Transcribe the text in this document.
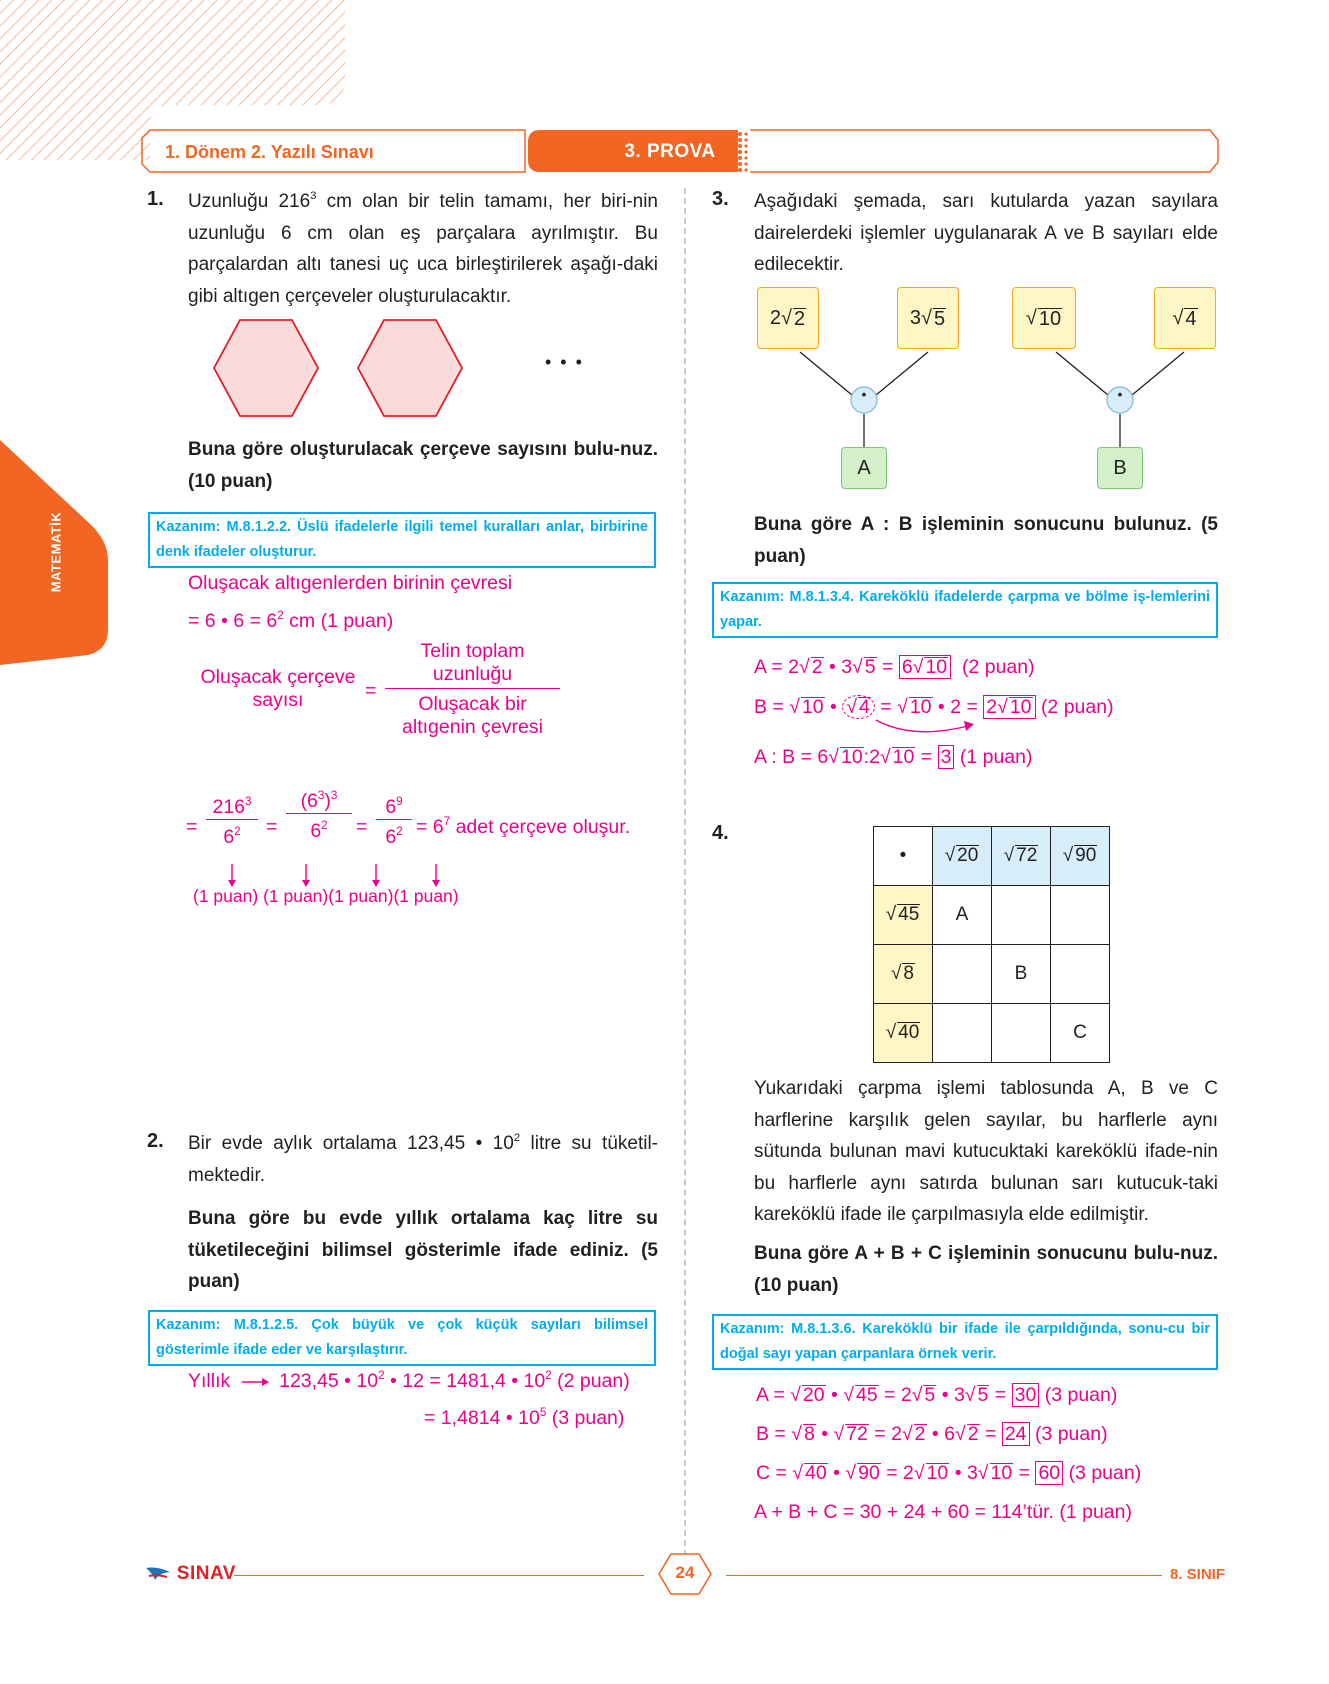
MATEMATİK
1. Dönem 2. Yazılı Sınavı	3. PROVA
1. Uzunluğu $216^3$ cm olan bir telin tamamı, her biri-nin uzunluğu 6 cm olan eş parçalara ayrılmıştır. Bu parçalardan altı tanesi uç uca birleştirilerek aşağı-daki gibi altıgen çerçeveler oluşturulacaktır.
• • •
Buna göre oluşturulacak çerçeve sayısını bulu-nuz. (10 puan)
Kazanım: M.8.1.2.2. Üslü ifadelerle ilgili temel kuralları anlar, birbirine denk ifadeler oluşturur.
Oluşacak altıgenlerden birinin çevresi
= 6 • $6 = 6^2$ cm (1 puan)
Oluşacak çerçeve
sayısı	=
Telin toplam
uzunluğu
Oluşacak bir
altıgenin çevresi
=
$216^3$
$6^2$	=
$(6^3)^3$
$6^2$	=
$6^9$
$6^2 = 6^7$ adet çerçeve oluşur.
(1 puan) (1 puan)(1 puan)(1 puan)
2. Bir evde aylık ortalama 123,45 • $10^2$ litre su tüketil-mektedir.
Buna göre bu evde yıllık ortalama kaç litre su tüketileceğini bilimsel gösterimle ifade ediniz. (5 puan)
Kazanım: M.8.1.2.5. Çok büyük ve çok küçük sayıları bilimsel gösterimle ifade eder ve karşılaştırır.
Yıllık	123,45 • $10^2$ • 12 = 1481,4 • $10^2$ (2 puan)
= 1,4814 • $10^5$ (3 puan)
3. Aşağıdaki şemada, sarı kutularda yazan sayılara dairelerdeki işlemler uygulanarak A ve B sayıları elde edilecektir.
•	•
2 √ 2	3 √ 5	√ 10	√ 4
A	B
Buna göre A : B işleminin sonucunu bulunuz. (5 puan)
Kazanım: M.8.1.3.4. Kareköklü ifadelerde çarpma ve bölme iş-lemlerini yapar.
A = 2√ 2 • 3√ 5 = 6√ 10 (2 puan)
B = √ 10 • √ 4 = √ 10 • 2 = 2√ 10 (2 puan)
A : B = 6√ 10:2√ 10 = 3 (1 puan)
4.
•	√ 20	√ 72	√ 90
√ 45	A		
√ 8		B	
√ 40			C
Yukarıdaki çarpma işlemi tablosunda A, B ve C harflerine karşılık gelen sayılar, bu harflerle aynı sütunda bulunan mavi kutucuktaki kareköklü ifade-nin bu harflerle aynı satırda bulunan sarı kutucuk-taki kareköklü ifade ile çarpılmasıyla elde edilmiştir.
Buna göre A + B + C işleminin sonucunu bulu-nuz. (10 puan)
Kazanım: M.8.1.3.6. Kareköklü bir ifade ile çarpıldığında, sonu-cu bir doğal sayı yapan çarpanlara örnek verir.
A = √ 20 • √ 45 = 2√ 5 • 3√ 5 = 30 (3 puan)
B = √ 8 • √ 72 = 2√ 2 • 6√ 2 = 24 (3 puan)
C = √ 40 • √ 90 = 2√ 10 • 3√ 10 = 60 (3 puan)
A + B + C = 30 + 24 + 60 = 114’tür. (1 puan)
SINAV	24	8. SINIF
